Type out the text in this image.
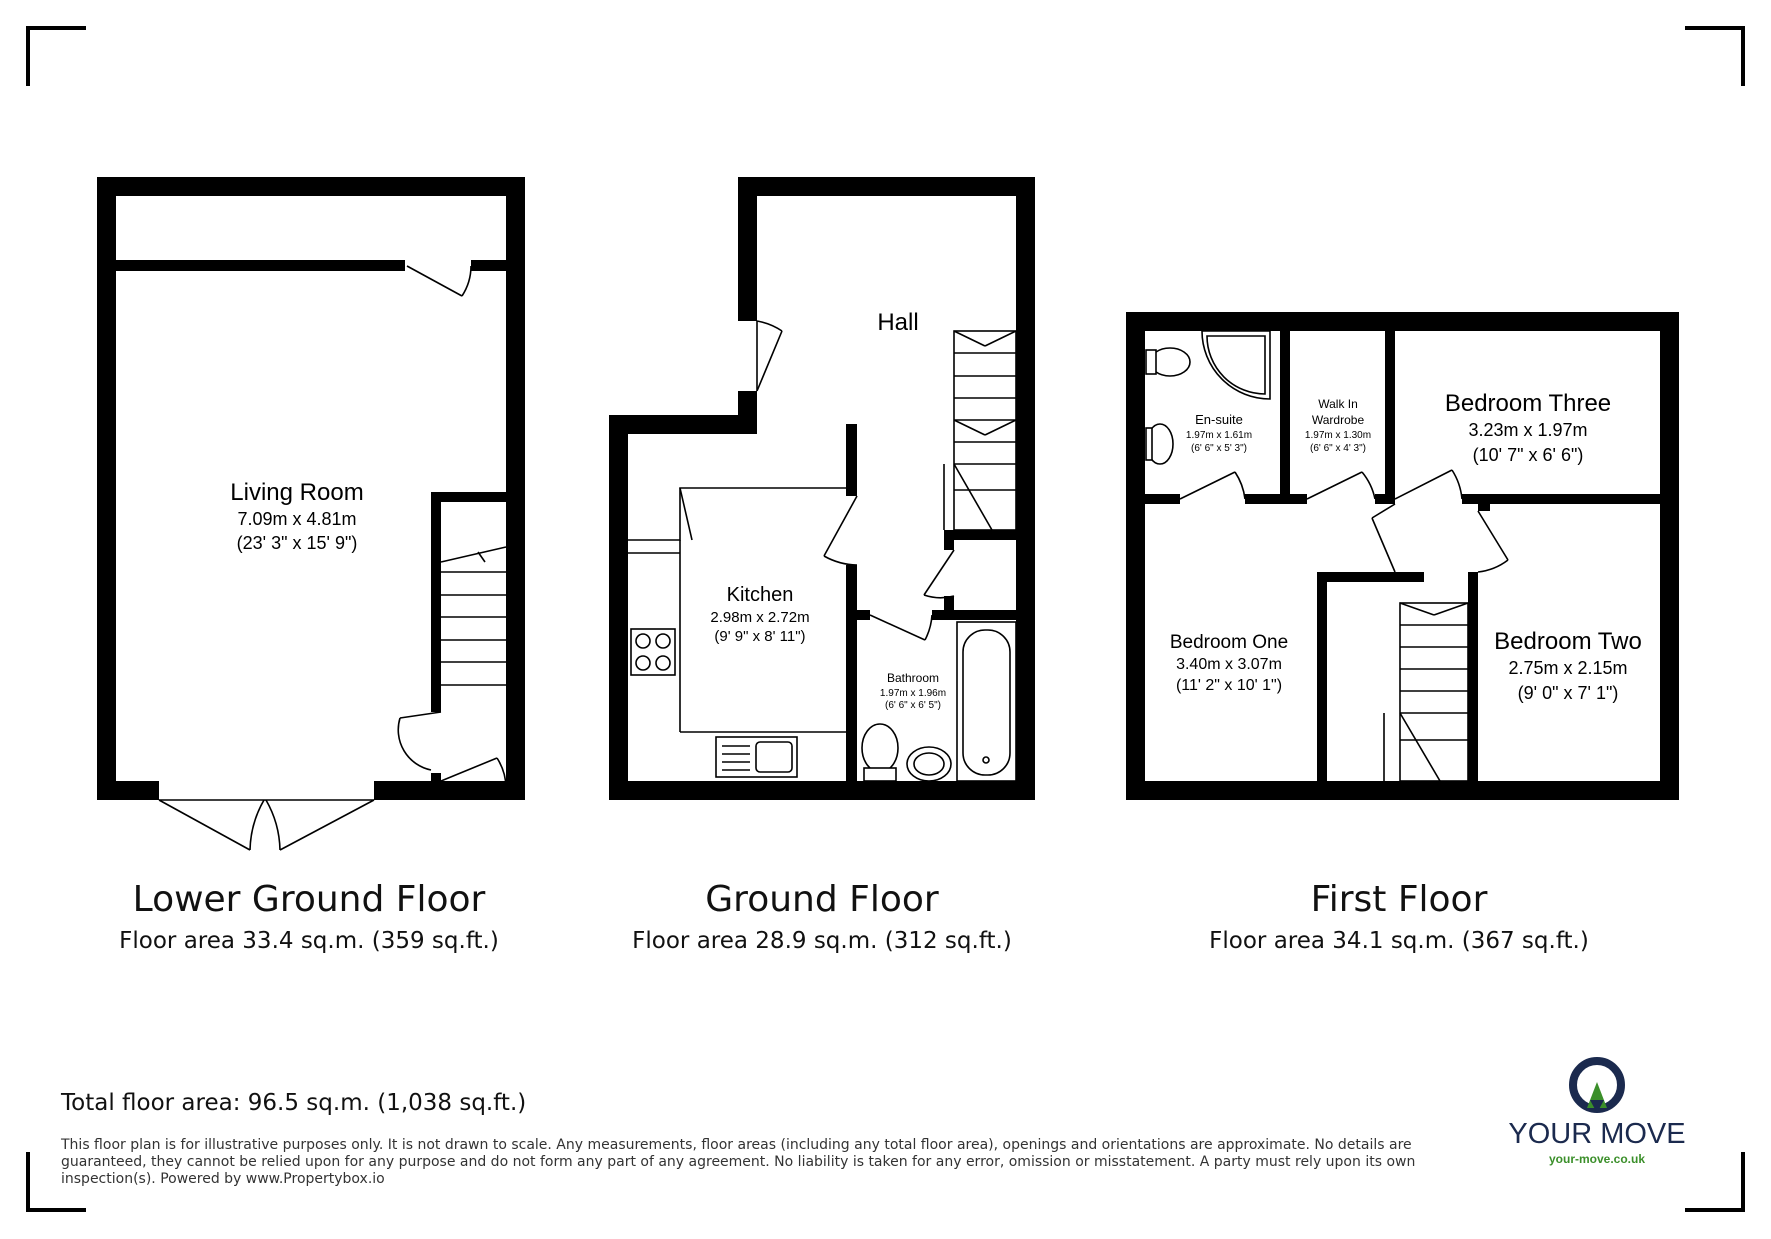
Living Room
7.09m x 4.81m
(23' 3" x 15' 9")
Lower Ground Floor
Floor area 33.4 sq.m. (359 sq.ft.)
Hall
Kitchen
2.98m x 2.72m
(9' 9" x 8' 11")
Bathroom
1.97m x 1.96m
(6' 6" x 6' 5")
Ground Floor
Floor area 28.9 sq.m. (312 sq.ft.)
En-suite
1.97m x 1.61m
(6' 6" x 5' 3")
Walk In
Wardrobe
1.97m x 1.30m
(6' 6" x 4' 3")
Bedroom Three
3.23m x 1.97m
(10' 7" x 6' 6")
Bedroom One
3.40m x 3.07m
(11' 2" x 10' 1")
Bedroom Two
2.75m x 2.15m
(9' 0" x 7' 1")
First Floor
Floor area 34.1 sq.m. (367 sq.ft.)
YOUR MOVE
your-move.co.uk
Total floor area: 96.5 sq.m. (1,038 sq.ft.)
This floor plan is for illustrative purposes only. It is not drawn to scale. Any measurements, floor areas (including any total floor area), openings and orientations are approximate. No details are guaranteed, they cannot be relied upon for any purpose and do not form any part of any agreement. No liability is taken for any error, omission or misstatement. A party must rely upon its own inspection(s). Powered by www.Propertybox.io
